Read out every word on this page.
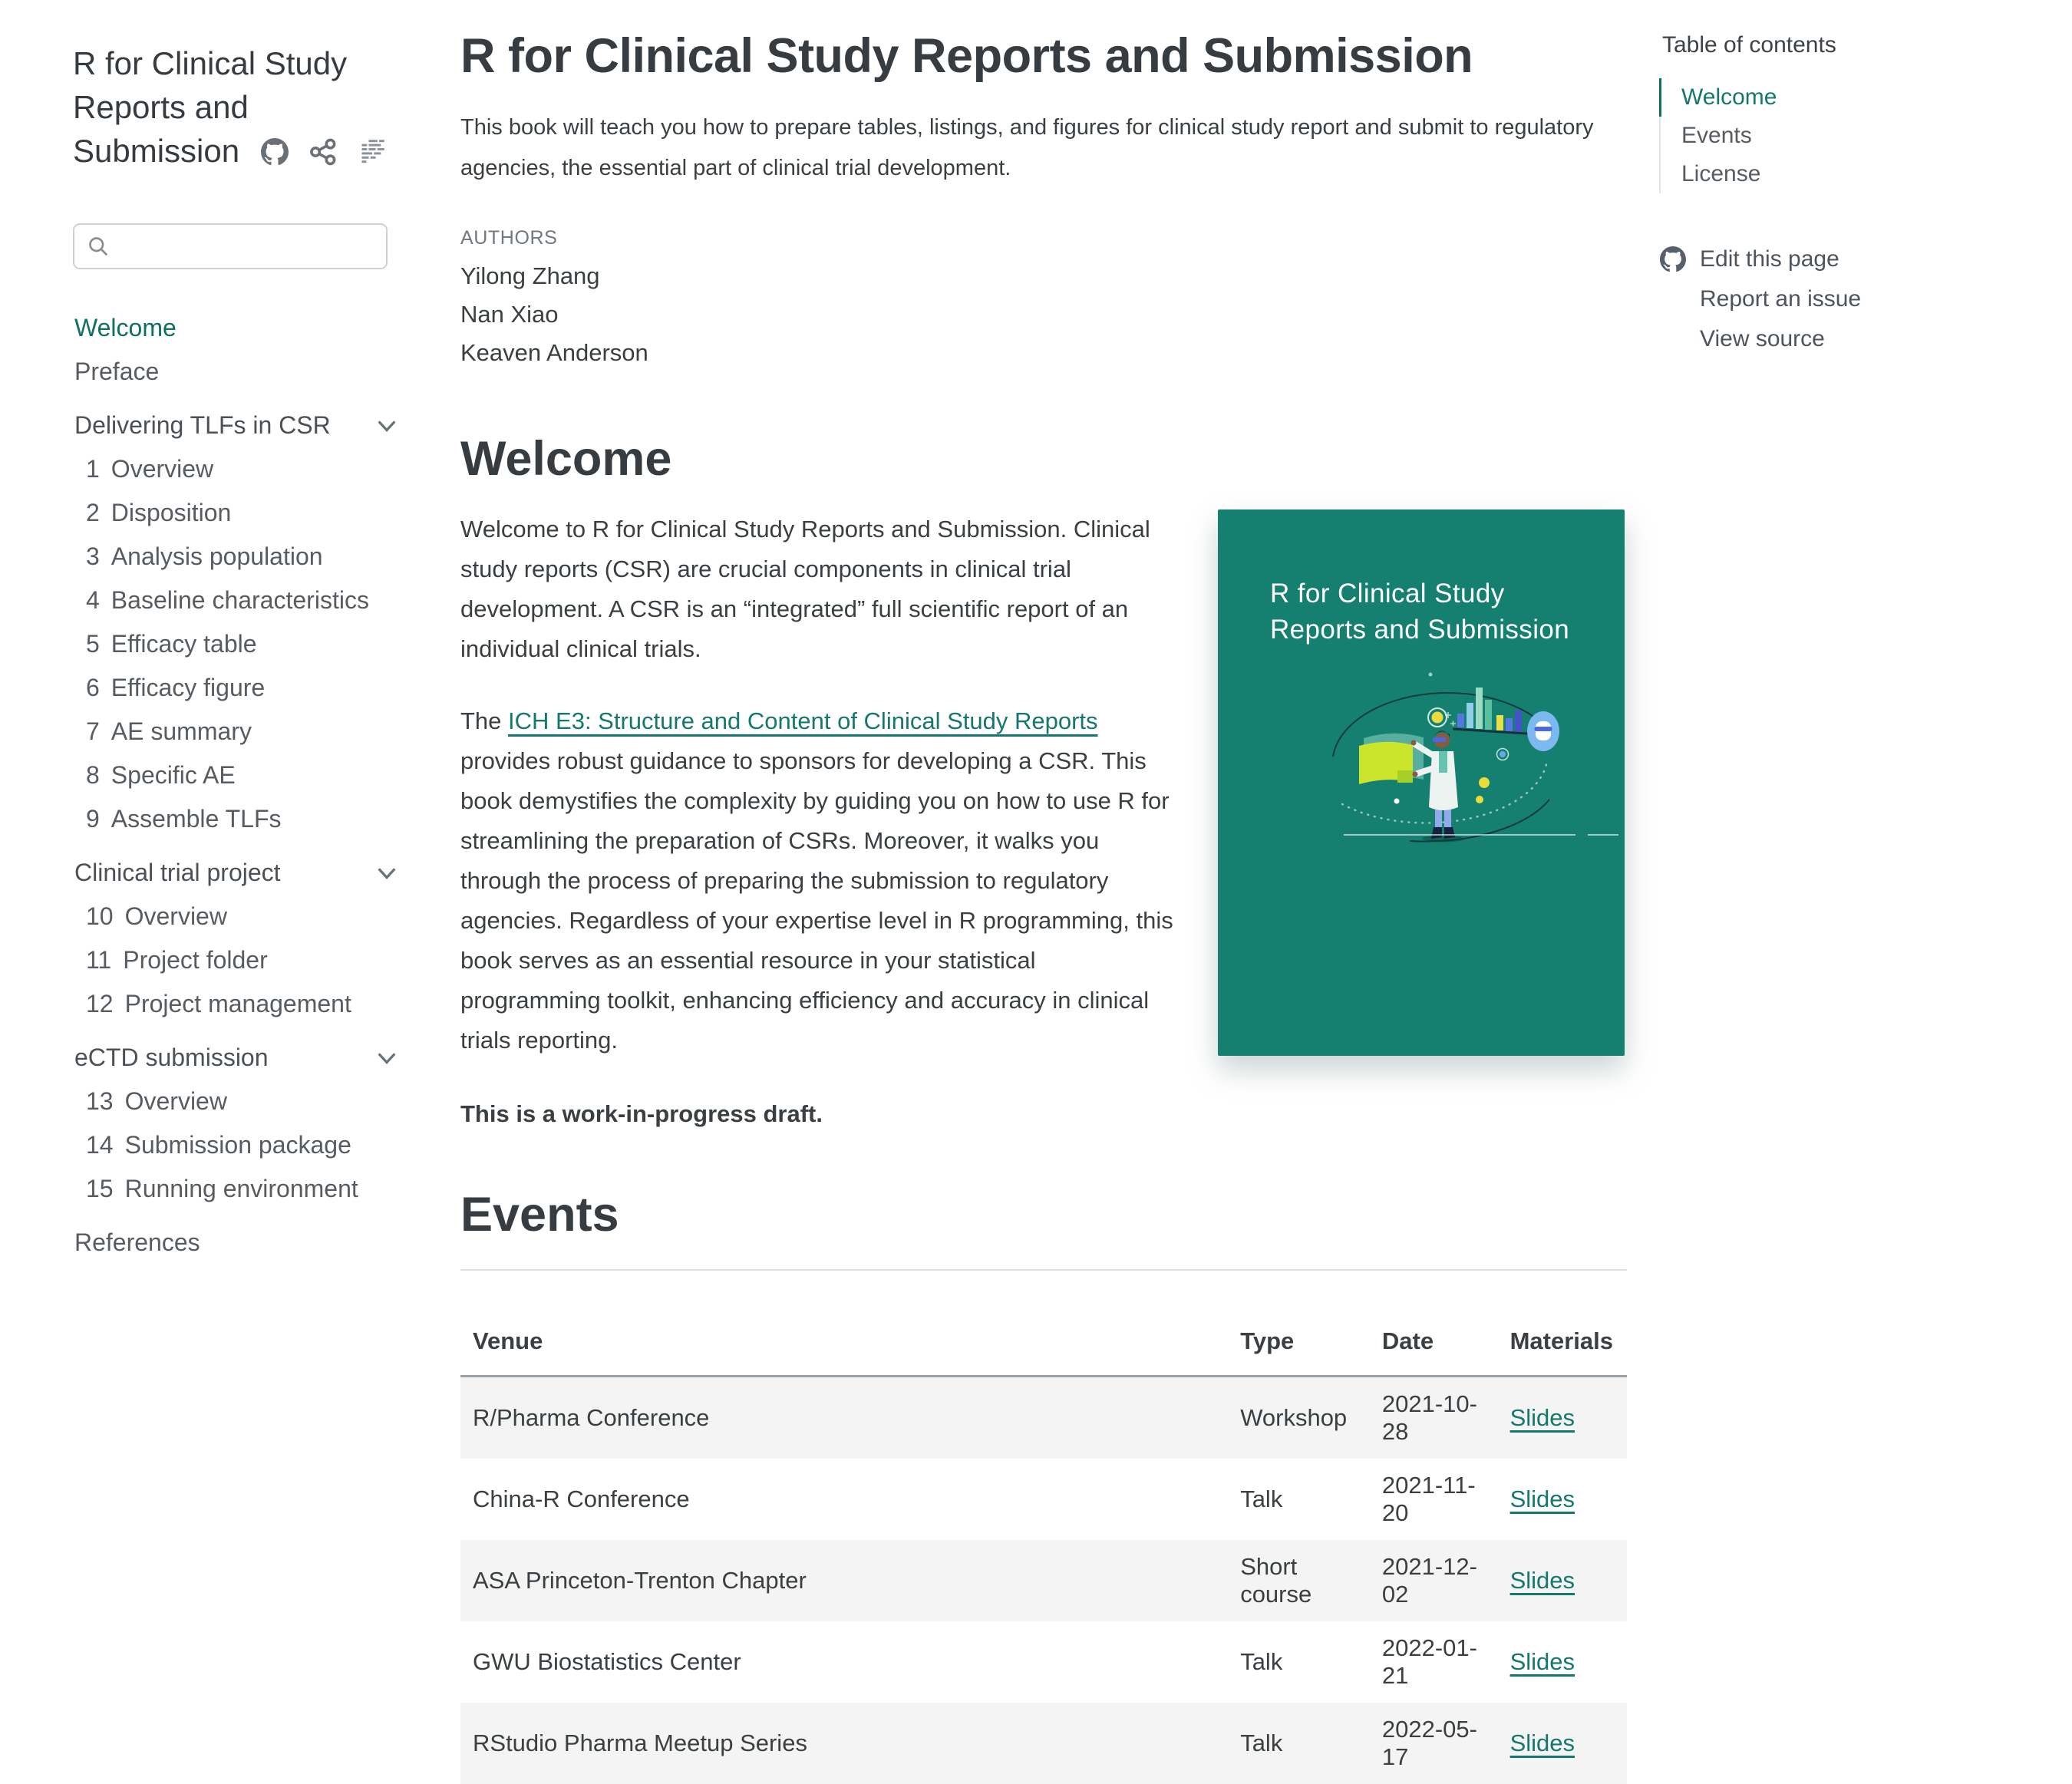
R for Clinical Study Reports and Submission
Welcome
Preface
Delivering TLFs in CSR
1 Overview
2 Disposition
3 Analysis population
4 Baseline characteristics
5 Efficacy table
6 Efficacy figure
7 AE summary
8 Specific AE
9 Assemble TLFs
Clinical trial project
10 Overview
11 Project folder
12 Project management
eCTD submission
13 Overview
14 Submission package
15 Running environment
References
R for Clinical Study Reports and Submission
This book will teach you how to prepare tables, listings, and figures for clinical study report and submit to regulatory agencies, the essential part of clinical trial development.
AUTHORS
Yilong Zhang
Nan Xiao
Keaven Anderson
Welcome

Welcome to R for Clinical Study Reports and Submission. Clinical study reports (CSR) are crucial components in clinical trial development. A CSR is an “integrated” full scientific report of an individual clinical trials.

The ICH E3: Structure and Content of Clinical Study Reports provides robust guidance to sponsors for developing a CSR. This book demystifies the complexity by guiding you on how to use R for streamlining the preparation of CSRs. Moreover, it walks you through the process of preparing the submission to regulatory agencies. Regardless of your expertise level in R programming, this book serves as an essential resource in your statistical programming toolkit, enhancing efficiency and accuracy in clinical trials reporting.

This is a work-in-progress draft.

R for Clinical Study
Reports and Submission
Events
Venue	Type	Date	Materials
R/Pharma Conference	Workshop	2021-10-28	Slides
China-R Conference	Talk	2021-11-20	Slides
ASA Princeton-Trenton Chapter	Short course	2021-12-02	Slides
GWU Biostatistics Center	Talk	2022-01-21	Slides
RStudio Pharma Meetup Series	Talk	2022-05-17	Slides
Table of contents
Welcome
Events
License
Edit this page
Report an issue
View source
